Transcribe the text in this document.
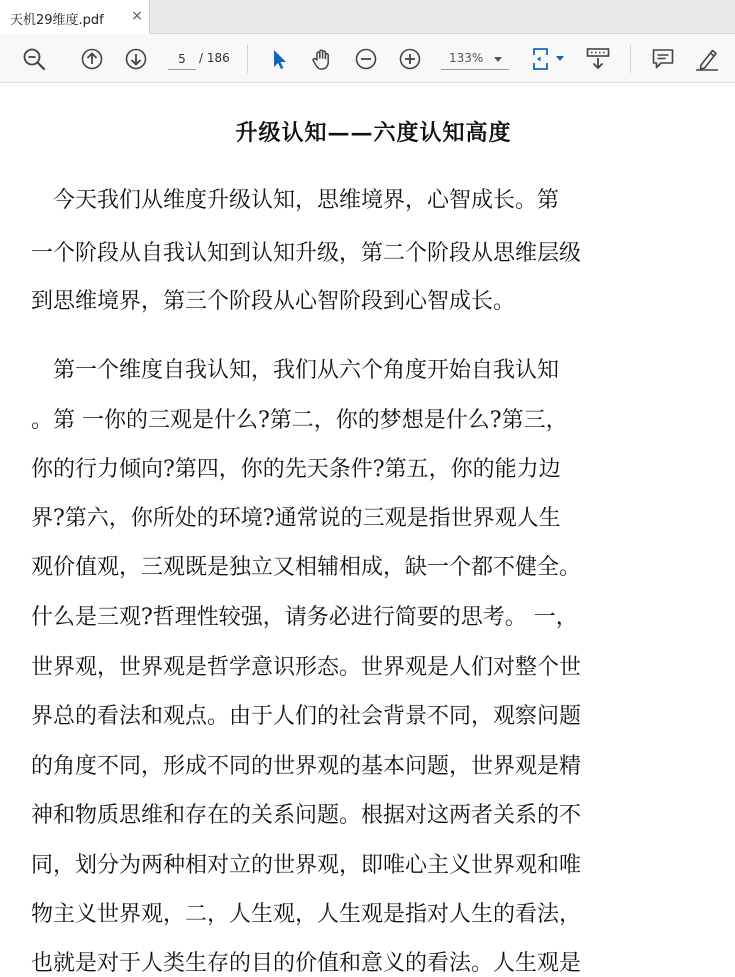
天机29维度.pdf ×
5
/ 186	133%
升级认知——六度认知高度
　今天我们从维度升级认知，思维境界，心智成长。第
一个阶段从自我认知到认知升级，第二个阶段从思维层级
到思维境界，第三个阶段从心智阶段到心智成长。
　第一个维度自我认知，我们从六个角度开始自我认知
。第 一你的三观是什么?第二，你的梦想是什么?第三，
你的行力倾向?第四，你的先天条件?第五，你的能力边
界?第六，你所处的环境?通常说的三观是指世界观人生
观价值观，三观既是独立又相辅相成，缺一个都不健全。
什么是三观?哲理性较强，请务必进行简要的思考。 一，
世界观，世界观是哲学意识形态。世界观是人们对整个世
界总的看法和观点。由于人们的社会背景不同，观察问题
的角度不同，形成不同的世界观的基本问题，世界观是精
神和物质思维和存在的关系问题。根据对这两者关系的不
同，划分为两种相对立的世界观，即唯心主义世界观和唯
物主义世界观，二，人生观，人生观是指对人生的看法，
也就是对于人类生存的目的价值和意义的看法。人生观是
